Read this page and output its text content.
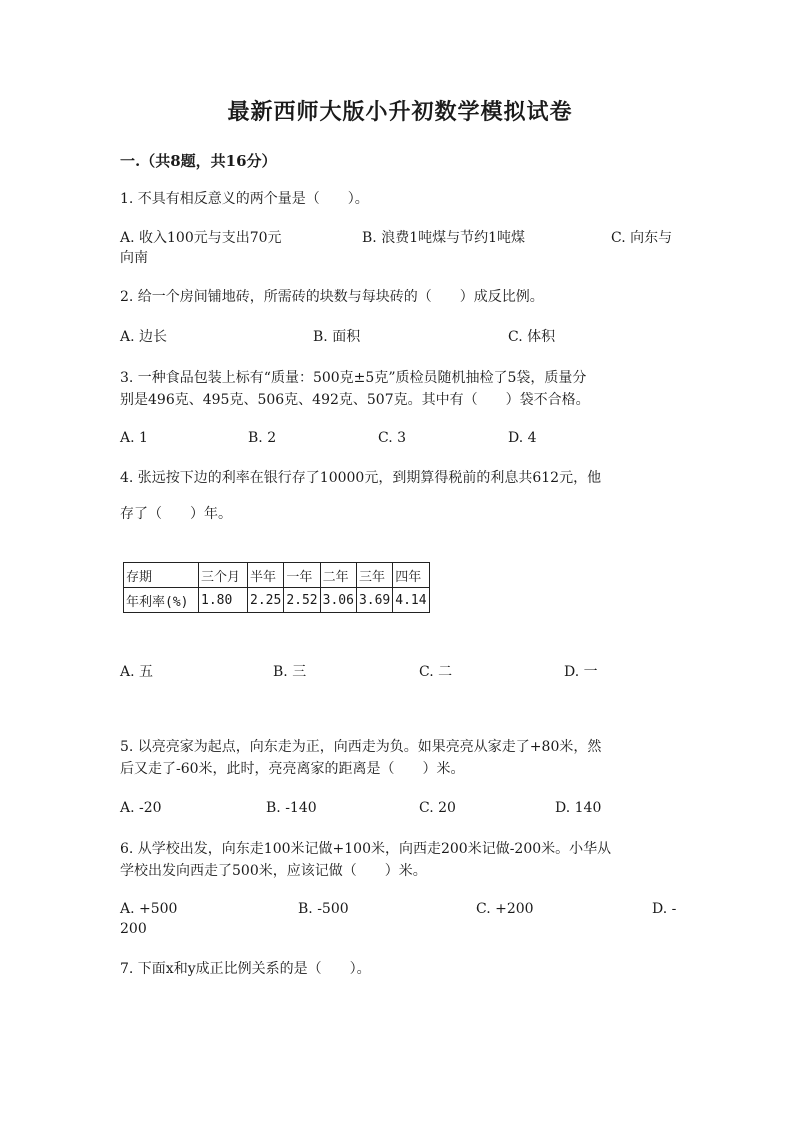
最新西师大版小升初数学模拟试卷
一.（共8题，共16分）
1. 不具有相反意义的两个量是（　　）。
A. 收入100元与支出70元	B. 浪费1吨煤与节约1吨煤	C. 向东与
向南
2. 给一个房间铺地砖，所需砖的块数与每块砖的（　　）成反比例。
A. 边长	B. 面积	C. 体积
3. 一种食品包装上标有“质量：500克±5克”质检员随机抽检了5袋，质量分
别是496克、495克、506克、492克、507克。其中有（　　）袋不合格。
A. 1	B. 2	C. 3	D. 4
4. 张远按下边的利率在银行存了10000元，到期算得税前的利息共612元，他
存了（　　）年。
存期	三个月	半年	一年	二年	三年	四年
年利率(%)	1.80	2.25	2.52	3.06	3.69	4.14
A. 五	B. 三	C. 二	D. 一
5. 以亮亮家为起点，向东走为正，向西走为负。如果亮亮从家走了+80米，然
后又走了-60米，此时，亮亮离家的距离是（　　）米。
A. -20	B. -140	C. 20	D. 140
6. 从学校出发，向东走100米记做+100米，向西走200米记做-200米。小华从
学校出发向西走了500米，应该记做（　　）米。
A. +500	B. -500	C. +200	D. -
200
7. 下面x和y成正比例关系的是（　　）。
